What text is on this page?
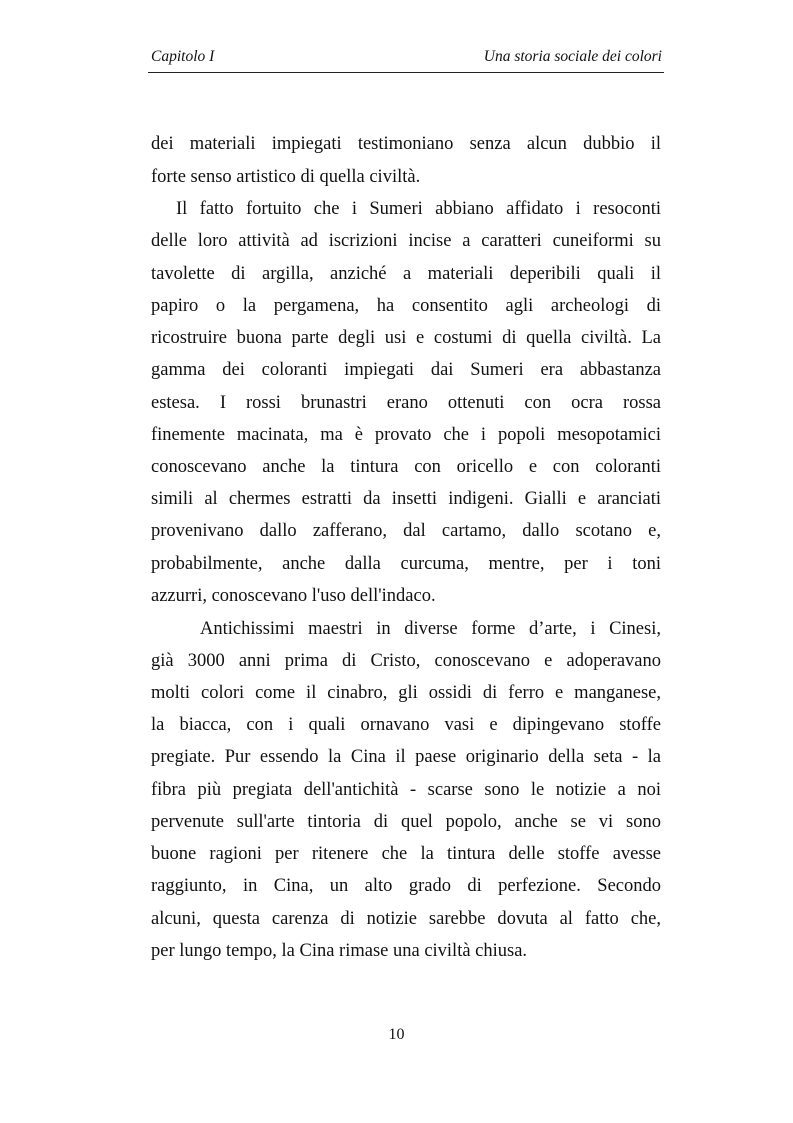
Capitolo I	Una storia sociale dei colori
dei materiali impiegati testimoniano senza alcun dubbio il
forte senso artistico di quella civiltà.
Il fatto fortuito che i Sumeri abbiano affidato i resoconti
delle loro attività ad iscrizioni incise a caratteri cuneiformi su
tavolette di argilla, anziché a materiali deperibili quali il
papiro o la pergamena, ha consentito agli archeologi di
ricostruire buona parte degli usi e costumi di quella civiltà. La
gamma dei coloranti impiegati dai Sumeri era abbastanza
estesa. I rossi brunastri erano ottenuti con ocra rossa
finemente macinata, ma è provato che i popoli mesopotamici
conoscevano anche la tintura con oricello e con coloranti
simili al chermes estratti da insetti indigeni. Gialli e aranciati
provenivano dallo zafferano, dal cartamo, dallo scotano e,
probabilmente, anche dalla curcuma, mentre, per i toni
azzurri, conoscevano l'uso dell'indaco.
Antichissimi maestri in diverse forme d’arte, i Cinesi,
già 3000 anni prima di Cristo, conoscevano e adoperavano
molti colori come il cinabro, gli ossidi di ferro e manganese,
la biacca, con i quali ornavano vasi e dipingevano stoffe
pregiate. Pur essendo la Cina il paese originario della seta - la
fibra più pregiata dell'antichità - scarse sono le notizie a noi
pervenute sull'arte tintoria di quel popolo, anche se vi sono
buone ragioni per ritenere che la tintura delle stoffe avesse
raggiunto, in Cina, un alto grado di perfezione. Secondo
alcuni, questa carenza di notizie sarebbe dovuta al fatto che,
per lungo tempo, la Cina rimase una civiltà chiusa.
10
